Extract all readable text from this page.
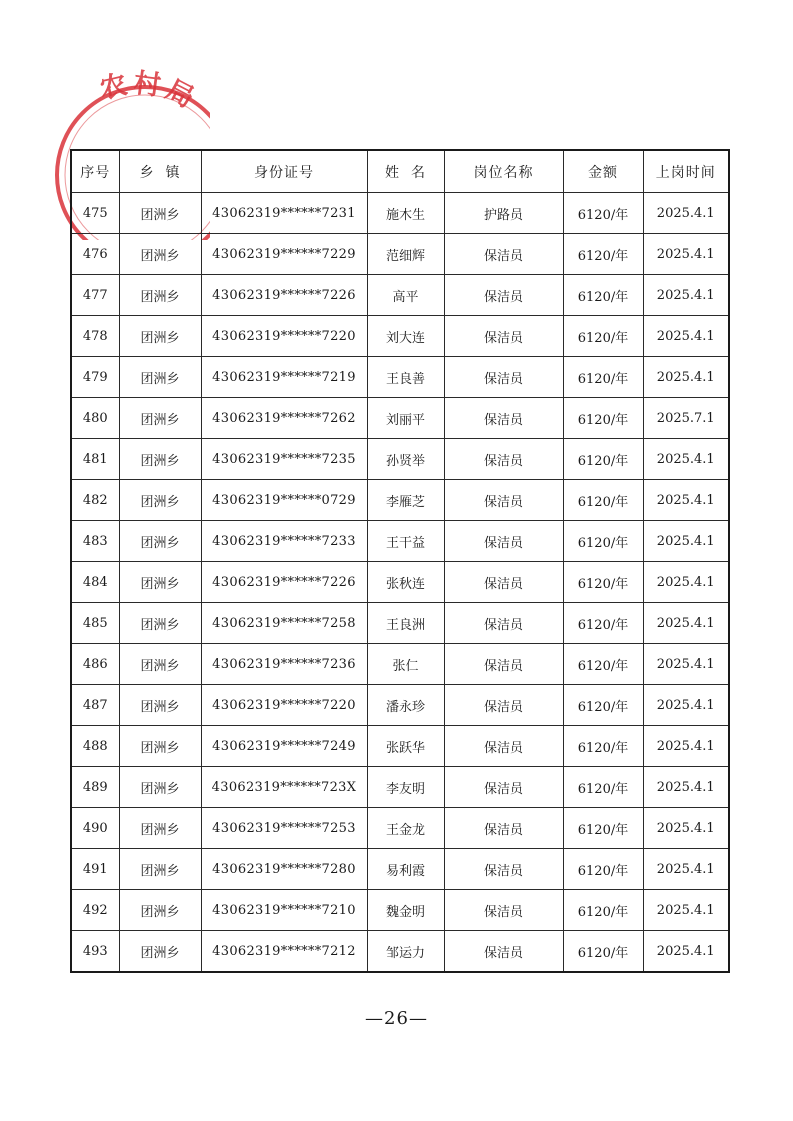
农村局
序号	乡  镇	身份证号	姓  名	岗位名称	金额	上岗时间
475	团洲乡	43062319******7231	施木生	护路员	6120/年	2025.4.1
476	团洲乡	43062319******7229	范细辉	保洁员	6120/年	2025.4.1
477	团洲乡	43062319******7226	高平	保洁员	6120/年	2025.4.1
478	团洲乡	43062319******7220	刘大连	保洁员	6120/年	2025.4.1
479	团洲乡	43062319******7219	王良善	保洁员	6120/年	2025.4.1
480	团洲乡	43062319******7262	刘丽平	保洁员	6120/年	2025.7.1
481	团洲乡	43062319******7235	孙贤举	保洁员	6120/年	2025.4.1
482	团洲乡	43062319******0729	李雁芝	保洁员	6120/年	2025.4.1
483	团洲乡	43062319******7233	王干益	保洁员	6120/年	2025.4.1
484	团洲乡	43062319******7226	张秋连	保洁员	6120/年	2025.4.1
485	团洲乡	43062319******7258	王良洲	保洁员	6120/年	2025.4.1
486	团洲乡	43062319******7236	张仁	保洁员	6120/年	2025.4.1
487	团洲乡	43062319******7220	潘永珍	保洁员	6120/年	2025.4.1
488	团洲乡	43062319******7249	张跃华	保洁员	6120/年	2025.4.1
489	团洲乡	43062319******723X	李友明	保洁员	6120/年	2025.4.1
490	团洲乡	43062319******7253	王金龙	保洁员	6120/年	2025.4.1
491	团洲乡	43062319******7280	易利霞	保洁员	6120/年	2025.4.1
492	团洲乡	43062319******7210	魏金明	保洁员	6120/年	2025.4.1
493	团洲乡	43062319******7212	邹运力	保洁员	6120/年	2025.4.1
—26—
